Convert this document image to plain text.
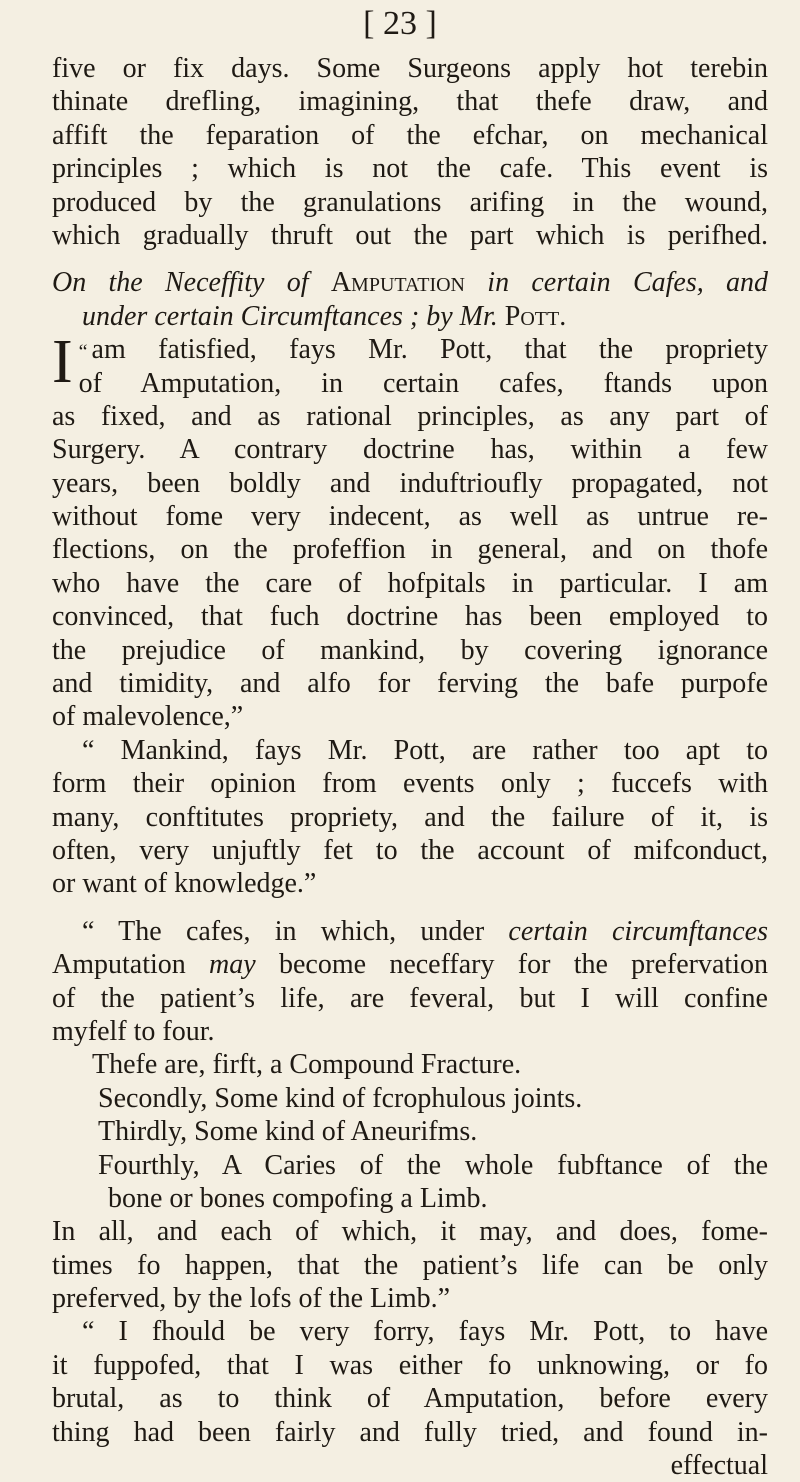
[ 23 ]
five or fix days. Some Surgeons apply hot terebin
thinate drefling, imagining, that thefe draw, and
affift the feparation of the efchar, on mechanical
principles ; which is not the cafe. This event is
produced by the granulations arifing in the wound,
which gradually thruft out the part which is perifhed.
On the Neceffity of Amputation in certain Cafes, and
under certain Circumftances ; by Mr. Pott.
“
I am fatisfied, fays Mr. Pott, that the propriety
of Amputation, in certain cafes, ftands upon
as fixed, and as rational principles, as any part of
Surgery. A contrary doctrine has, within a few
years, been boldly and induftrioufly propagated, not
without fome very indecent, as well as untrue re-
flections, on the profeffion in general, and on thofe
who have the care of hofpitals in particular. I am
convinced, that fuch doctrine has been employed to
the prejudice of mankind, by covering ignorance
and timidity, and alfo for ferving the bafe purpofe
of malevolence,”
“ Mankind, fays Mr. Pott, are rather too apt to
form their opinion from events only ; fuccefs with
many, conftitutes propriety, and the failure of it, is
often, very unjuftly fet to the account of mifconduct,
or want of knowledge.”
“ The cafes, in which, under certain circumftances
Amputation may become neceffary for the prefervation
of the patient’s life, are feveral, but I will confine
myfelf to four.
Thefe are, firft, a Compound Fracture.
Secondly, Some kind of fcrophulous joints.
Thirdly, Some kind of Aneurifms.
Fourthly, A Caries of the whole fubftance of the
bone or bones compofing a Limb.
In all, and each of which, it may, and does, fome-
times fo happen, that the patient’s life can be only
preferved, by the lofs of the Limb.”
“ I fhould be very forry, fays Mr. Pott, to have
it fuppofed, that I was either fo unknowing, or fo
brutal, as to think of Amputation, before every
thing had been fairly and fully tried, and found in-
effectual
